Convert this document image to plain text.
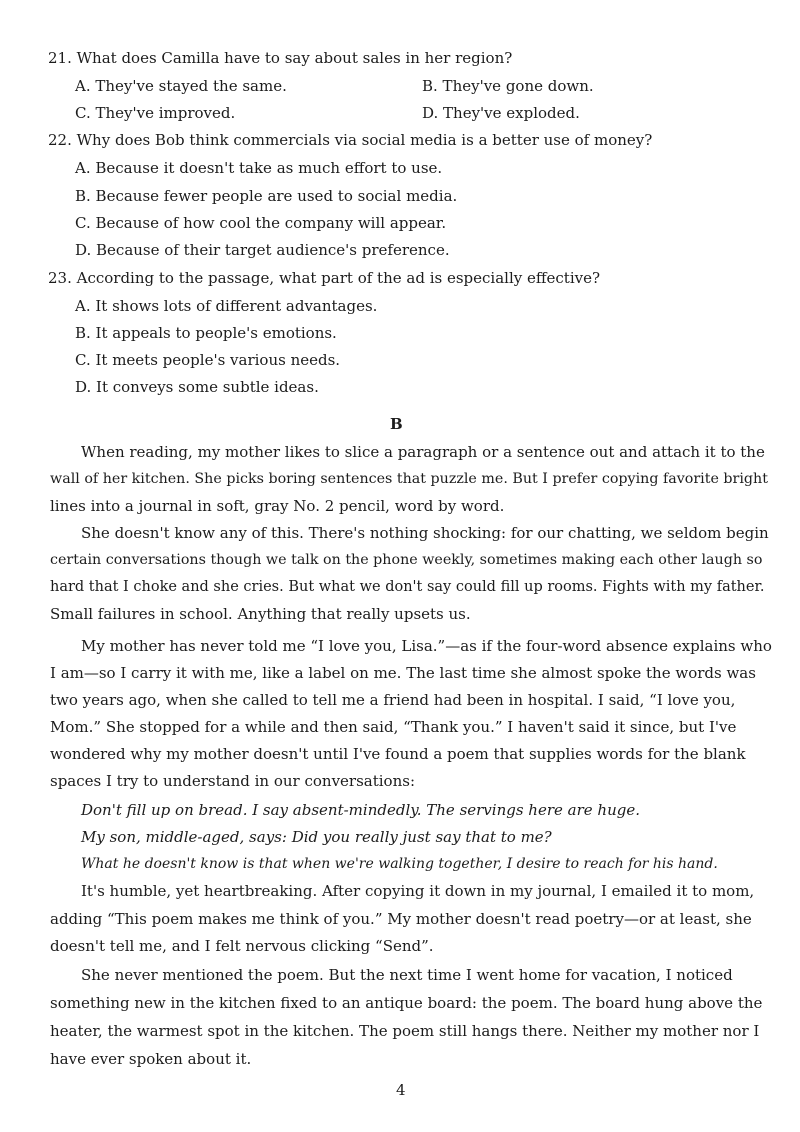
21. What does Camilla have to say about sales in her region?
A. They've stayed the same.	B. They've gone down.
C. They've improved.	D. They've exploded.
22. Why does Bob think commercials via social media is a better use of money?
A. Because it doesn't take as much effort to use.
B. Because fewer people are used to social media.
C. Because of how cool the company will appear.
D. Because of their target audience's preference.
23. According to the passage, what part of the ad is especially effective?
A. It shows lots of different advantages.
B. It appeals to people's emotions.
C. It meets people's various needs.
D. It conveys some subtle ideas.
B
When reading, my mother likes to slice a paragraph or a sentence out and attach it to the
wall of her kitchen. She picks boring sentences that puzzle me. But I prefer copying favorite bright
lines into a journal in soft, gray No. 2 pencil, word by word.
She doesn't know any of this. There's nothing shocking: for our chatting, we seldom begin
certain conversations though we talk on the phone weekly, sometimes making each other laugh so
hard that I choke and she cries. But what we don't say could fill up rooms. Fights with my father.
Small failures in school. Anything that really upsets us.
My mother has never told me “I love you, Lisa.”—as if the four-word absence explains who
I am—so I carry it with me, like a label on me. The last time she almost spoke the words was
two years ago, when she called to tell me a friend had been in hospital. I said, “I love you,
Mom.” She stopped for a while and then said, “Thank you.” I haven't said it since, but I've
wondered why my mother doesn't until I've found a poem that supplies words for the blank
spaces I try to understand in our conversations:
Don't fill up on bread. I say absent-mindedly. The servings here are huge.
My son, middle-aged, says: Did you really just say that to me?
What he doesn't know is that when we're walking together, I desire to reach for his hand.
It's humble, yet heartbreaking. After copying it down in my journal, I emailed it to mom,
adding “This poem makes me think of you.” My mother doesn't read poetry—or at least, she
doesn't tell me, and I felt nervous clicking “Send”.
She never mentioned the poem. But the next time I went home for vacation, I noticed
something new in the kitchen fixed to an antique board: the poem. The board hung above the
heater, the warmest spot in the kitchen. The poem still hangs there. Neither my mother nor I
have ever spoken about it.
4
